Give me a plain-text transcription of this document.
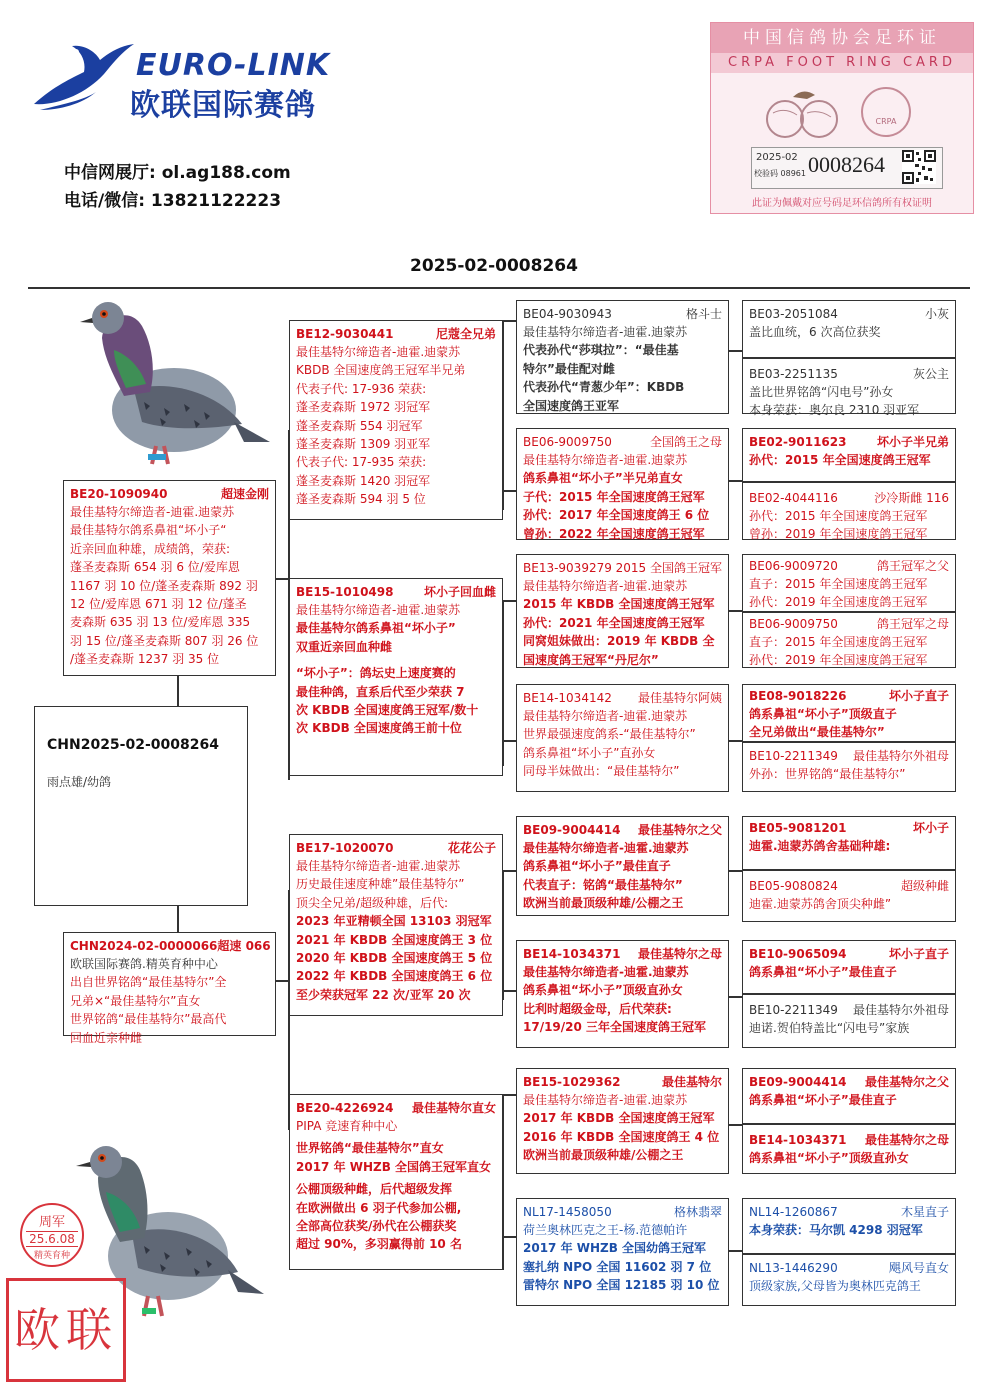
EURO-LINK
欧联国际赛鸽
中信网展厅: ol.ag188.com
电话/微信: 13821122223
中国信鸽协会足环证
CRPA FOOT RING CARD
CRPA
2025-02
校验码 08961 0008264
此证为佩戴对应号码足环信鸽所有权证明
2025-02-0008264
周军
25.6.08
精英育种
欧联
CHN2025-02-0008264
雨点雄/幼鸽
BE20-1090940	超速金刚
最佳基特尔缔造者-迪霍.迪蒙苏
最佳基特尔鸽系鼻祖“坏小子“
近亲回血种雄，成绩鸽，荣获:
蓬圣麦森斯 654 羽 6 位/爱库恩
1167 羽 10 位/蓬圣麦森斯 892 羽
12 位/爱库恩 671 羽 12 位/蓬圣
麦森斯 635 羽 13 位/爱库恩 335
羽 15 位/蓬圣麦森斯 807 羽 26 位
/蓬圣麦森斯 1237 羽 35 位
CHN2024-02-0000066 超速 066
欧联国际赛鸽.精英育种中心
出自世界铭鸽“最佳基特尔”全
兄弟×“最佳基特尔”直女
世界铭鸽“最佳基特尔”最高代
回血近亲种雌
BE12-9030441	尼蔻全兄弟
最佳基特尔缔造者-迪霍.迪蒙苏
KBDB 全国速度鸽王冠军半兄弟
代表子代: 17-936 荣获:
蓬圣麦森斯 1972 羽冠军
蓬圣麦森斯 554 羽冠军
蓬圣麦森斯 1309 羽亚军
代表子代: 17-935 荣获:
蓬圣麦森斯 1420 羽冠军
蓬圣麦森斯 594 羽 5 位
BE15-1010498	坏小子回血雌
最佳基特尔缔造者-迪霍.迪蒙苏
最佳基特尔鸽系鼻祖“坏小子”
双重近亲回血种雌
“坏小子”：鸽坛史上速度赛的
最佳种鸽，直系后代至少荣获 7
次 KBDB 全国速度鸽王冠军/数十
次 KBDB 全国速度鸽王前十位
BE17-1020070	花花公子
最佳基特尔缔造者-迪霍.迪蒙苏
历史最佳速度种雄”最佳基特尔”
顶尖全兄弟/超级种雄，后代:
2023 年亚精顿全国 13103 羽冠军
2021 年 KBDB 全国速度鸽王 3 位
2020 年 KBDB 全国速度鸽王 5 位
2022 年 KBDB 全国速度鸽王 6 位
至少荣获冠军 22 次/亚军 20 次
BE20-4226924 最佳基特尔直女
PIPA 竞速育种中心
世界铭鸽“最佳基特尔”直女
2017 年 WHZB 全国鸽王冠军直女
公棚顶级种雌，后代超级发挥
在欧洲做出 6 羽子代参加公棚,
全部高位获奖/孙代在公棚获奖
超过 90%，多羽赢得前 10 名
BE04-9030943	格斗士
最佳基特尔缔造者-迪霍.迪蒙苏
代表孙代“莎琪拉”：“最佳基
特尔”最佳配对雌
代表孙代“青葱少年”：KBDB
全国速度鸽王亚军
BE06-9009750	全国鸽王之母
最佳基特尔缔造者-迪霍.迪蒙苏
鸽系鼻祖“坏小子”半兄弟直女
子代：2015 年全国速度鸽王冠军
孙代：2017 年全国速度鸽王 6 位
曾孙：2022 年全国速度鸽王冠军
BE13-9039279 2015 全国鸽王冠军
最佳基特尔缔造者-迪霍.迪蒙苏
2015 年 KBDB 全国速度鸽王冠军
孙代：2021 年全国速度鸽王冠军
同窝姐妹做出：2019 年 KBDB 全
国速度鸽王冠军“丹尼尔”
BE14-1034142 最佳基特尔阿姨
最佳基特尔缔造者-迪霍.迪蒙苏
世界最强速度鸽系-“最佳基特尔”
鸽系鼻祖“坏小子”直孙女
同母半妹做出：“最佳基特尔”
BE09-9004414 最佳基特尔之父
最佳基特尔缔造者-迪霍.迪蒙苏
鸽系鼻祖“坏小子”最佳直子
代表直子：铭鸽“最佳基特尔”
欧洲当前最顶级种雄/公棚之王
BE14-1034371 最佳基特尔之母
最佳基特尔缔造者-迪霍.迪蒙苏
鸽系鼻祖“坏小子”顶级直孙女
比利时超级金母，后代荣获:
17/19/20 三年全国速度鸽王冠军
BE15-1029362	最佳基特尔
最佳基特尔缔造者-迪霍.迪蒙苏
2017 年 KBDB 全国速度鸽王冠军
2016 年 KBDB 全国速度鸽王 4 位
欧洲当前最顶级种雄/公棚之王
NL17-1458050	格林翡翠
荷兰奥林匹克之王-杨.范德帕许
2017 年 WHZB 全国幼鸽王冠军
塞扎纳 NPO 全国 11602 羽 7 位
雷特尔 NPO 全国 12185 羽 10 位
BE03-2051084	小灰
盖比血统，6 次高位获奖
BE03-2251135	灰公主
盖比世界铭鸽“闪电号”孙女
本身荣获：奥尔良 2310 羽亚军
BE02-9011623	坏小子半兄弟
孙代：2015 年全国速度鸽王冠军
BE02-4044116	沙冷斯雌 116
孙代：2015 年全国速度鸽王冠军
曾孙：2019 年全国速度鸽王冠军
BE06-9009720	鸽王冠军之父
直子：2015 年全国速度鸽王冠军
孙代：2019 年全国速度鸽王冠军
BE06-9009750	鸽王冠军之母
直子：2015 年全国速度鸽王冠军
孙代：2019 年全国速度鸽王冠军
BE08-9018226	坏小子直子
鸽系鼻祖“坏小子”顶级直子
全兄弟做出“最佳基特尔”
BE10-2211349 最佳基特尔外祖母
外孙：世界铭鸽“最佳基特尔”
BE05-9081201	坏小子
迪霍.迪蒙苏鸽舍基础种雄:
BE05-9080824	超级种雌
迪霍.迪蒙苏鸽舍顶尖种雌”
BE10-9065094	坏小子直子
鸽系鼻祖“坏小子”最佳直子
BE10-2211349 最佳基特尔外祖母
迪诺.贺伯特盖比“闪电号”家族
BE09-9004414 最佳基特尔之父
鸽系鼻祖“坏小子”最佳直子
BE14-1034371 最佳基特尔之母
鸽系鼻祖“坏小子”顶级直孙女
NL14-1260867	木星直子
本身荣获：马尔凯 4298 羽冠军
NL13-1446290	飓风号直女
顶级家族,父母皆为奥林匹克鸽王
